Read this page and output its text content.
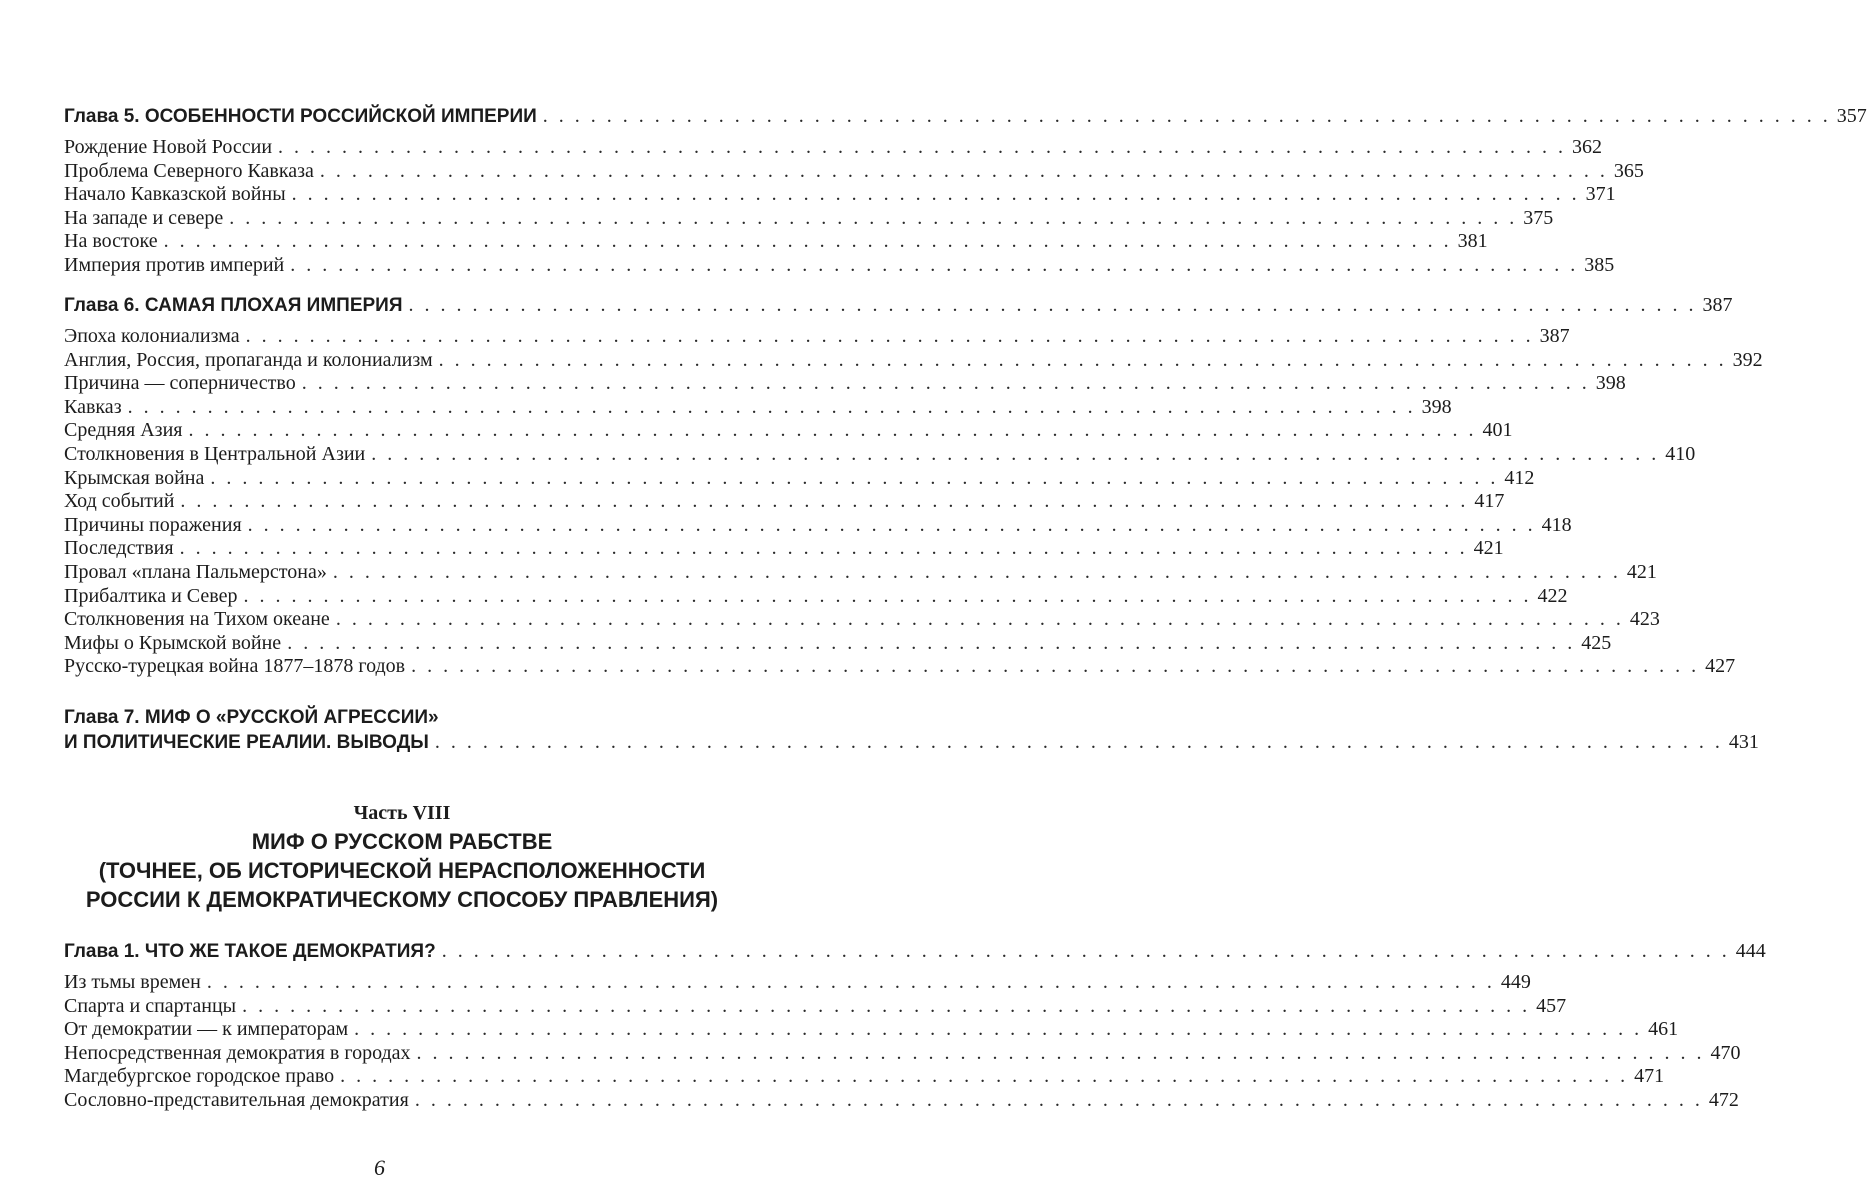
Глава 5. ОСОБЕННОСТИ РОССИЙСКОЙ ИМПЕРИИ . . . . . . . . . . . . . . . . . . . . . . . . . . . . . . . . . . . . . . . . . . . . . . . . . . . . . . . . . . . . . . . . . . . . . . . . . . . . . . . . . 357
Рождение Новой России . . . . . . . . . . . . . . . . . . . . . . . . . . . . . . . . . . . . . . . . . . . . . . . . . . . . . . . . . . . . . . . . . . . . . . . . . . . . . . . . . 362
Проблема Северного Кавказа . . . . . . . . . . . . . . . . . . . . . . . . . . . . . . . . . . . . . . . . . . . . . . . . . . . . . . . . . . . . . . . . . . . . . . . . . . . . . . . . . 365
Начало Кавказской войны . . . . . . . . . . . . . . . . . . . . . . . . . . . . . . . . . . . . . . . . . . . . . . . . . . . . . . . . . . . . . . . . . . . . . . . . . . . . . . . . . 371
На западе и севере . . . . . . . . . . . . . . . . . . . . . . . . . . . . . . . . . . . . . . . . . . . . . . . . . . . . . . . . . . . . . . . . . . . . . . . . . . . . . . . . . 375
На востоке . . . . . . . . . . . . . . . . . . . . . . . . . . . . . . . . . . . . . . . . . . . . . . . . . . . . . . . . . . . . . . . . . . . . . . . . . . . . . . . . . 381
Империя против империй . . . . . . . . . . . . . . . . . . . . . . . . . . . . . . . . . . . . . . . . . . . . . . . . . . . . . . . . . . . . . . . . . . . . . . . . . . . . . . . . . 385
Глава 6. САМАЯ ПЛОХАЯ ИМПЕРИЯ . . . . . . . . . . . . . . . . . . . . . . . . . . . . . . . . . . . . . . . . . . . . . . . . . . . . . . . . . . . . . . . . . . . . . . . . . . . . . . . . . 387
Эпоха колониализма . . . . . . . . . . . . . . . . . . . . . . . . . . . . . . . . . . . . . . . . . . . . . . . . . . . . . . . . . . . . . . . . . . . . . . . . . . . . . . . . . 387
Англия, Россия, пропаганда и колониализм . . . . . . . . . . . . . . . . . . . . . . . . . . . . . . . . . . . . . . . . . . . . . . . . . . . . . . . . . . . . . . . . . . . . . . . . . . . . . . . . . 392
Причина — соперничество . . . . . . . . . . . . . . . . . . . . . . . . . . . . . . . . . . . . . . . . . . . . . . . . . . . . . . . . . . . . . . . . . . . . . . . . . . . . . . . . . 398
Кавказ . . . . . . . . . . . . . . . . . . . . . . . . . . . . . . . . . . . . . . . . . . . . . . . . . . . . . . . . . . . . . . . . . . . . . . . . . . . . . . . . . 398
Средняя Азия . . . . . . . . . . . . . . . . . . . . . . . . . . . . . . . . . . . . . . . . . . . . . . . . . . . . . . . . . . . . . . . . . . . . . . . . . . . . . . . . . 401
Столкновения в Центральной Азии . . . . . . . . . . . . . . . . . . . . . . . . . . . . . . . . . . . . . . . . . . . . . . . . . . . . . . . . . . . . . . . . . . . . . . . . . . . . . . . . . 410
Крымская война . . . . . . . . . . . . . . . . . . . . . . . . . . . . . . . . . . . . . . . . . . . . . . . . . . . . . . . . . . . . . . . . . . . . . . . . . . . . . . . . . 412
Ход событий . . . . . . . . . . . . . . . . . . . . . . . . . . . . . . . . . . . . . . . . . . . . . . . . . . . . . . . . . . . . . . . . . . . . . . . . . . . . . . . . . 417
Причины поражения . . . . . . . . . . . . . . . . . . . . . . . . . . . . . . . . . . . . . . . . . . . . . . . . . . . . . . . . . . . . . . . . . . . . . . . . . . . . . . . . . 418
Последствия . . . . . . . . . . . . . . . . . . . . . . . . . . . . . . . . . . . . . . . . . . . . . . . . . . . . . . . . . . . . . . . . . . . . . . . . . . . . . . . . . 421
Провал «плана Пальмерстона» . . . . . . . . . . . . . . . . . . . . . . . . . . . . . . . . . . . . . . . . . . . . . . . . . . . . . . . . . . . . . . . . . . . . . . . . . . . . . . . . . 421
Прибалтика и Север . . . . . . . . . . . . . . . . . . . . . . . . . . . . . . . . . . . . . . . . . . . . . . . . . . . . . . . . . . . . . . . . . . . . . . . . . . . . . . . . . 422
Столкновения на Тихом океане . . . . . . . . . . . . . . . . . . . . . . . . . . . . . . . . . . . . . . . . . . . . . . . . . . . . . . . . . . . . . . . . . . . . . . . . . . . . . . . . . 423
Мифы о Крымской войне . . . . . . . . . . . . . . . . . . . . . . . . . . . . . . . . . . . . . . . . . . . . . . . . . . . . . . . . . . . . . . . . . . . . . . . . . . . . . . . . . 425
Русско-турецкая война 1877–1878 годов . . . . . . . . . . . . . . . . . . . . . . . . . . . . . . . . . . . . . . . . . . . . . . . . . . . . . . . . . . . . . . . . . . . . . . . . . . . . . . . . . 427
Глава 7. МИФ О «РУССКОЙ АГРЕССИИ»
И ПОЛИТИЧЕСКИЕ РЕАЛИИ. ВЫВОДЫ . . . . . . . . . . . . . . . . . . . . . . . . . . . . . . . . . . . . . . . . . . . . . . . . . . . . . . . . . . . . . . . . . . . . . . . . . . . . . . . . . 431
Часть VIII
МИФ О РУССКОМ РАБСТВЕ
(ТОЧНЕЕ, ОБ ИСТОРИЧЕСКОЙ НЕРАСПОЛОЖЕННОСТИ
РОССИИ К ДЕМОКРАТИЧЕСКОМУ СПОСОБУ ПРАВЛЕНИЯ)
Глава 1. ЧТО ЖЕ ТАКОЕ ДЕМОКРАТИЯ? . . . . . . . . . . . . . . . . . . . . . . . . . . . . . . . . . . . . . . . . . . . . . . . . . . . . . . . . . . . . . . . . . . . . . . . . . . . . . . . . . 444
Из тьмы времен . . . . . . . . . . . . . . . . . . . . . . . . . . . . . . . . . . . . . . . . . . . . . . . . . . . . . . . . . . . . . . . . . . . . . . . . . . . . . . . . . 449
Спарта и спартанцы . . . . . . . . . . . . . . . . . . . . . . . . . . . . . . . . . . . . . . . . . . . . . . . . . . . . . . . . . . . . . . . . . . . . . . . . . . . . . . . . . 457
От демократии — к императорам . . . . . . . . . . . . . . . . . . . . . . . . . . . . . . . . . . . . . . . . . . . . . . . . . . . . . . . . . . . . . . . . . . . . . . . . . . . . . . . . . 461
Непосредственная демократия в городах . . . . . . . . . . . . . . . . . . . . . . . . . . . . . . . . . . . . . . . . . . . . . . . . . . . . . . . . . . . . . . . . . . . . . . . . . . . . . . . . . 470
Магдебургское городское право . . . . . . . . . . . . . . . . . . . . . . . . . . . . . . . . . . . . . . . . . . . . . . . . . . . . . . . . . . . . . . . . . . . . . . . . . . . . . . . . . 471
Сословно-представительная демократия . . . . . . . . . . . . . . . . . . . . . . . . . . . . . . . . . . . . . . . . . . . . . . . . . . . . . . . . . . . . . . . . . . . . . . . . . . . . . . . . . 472
6
